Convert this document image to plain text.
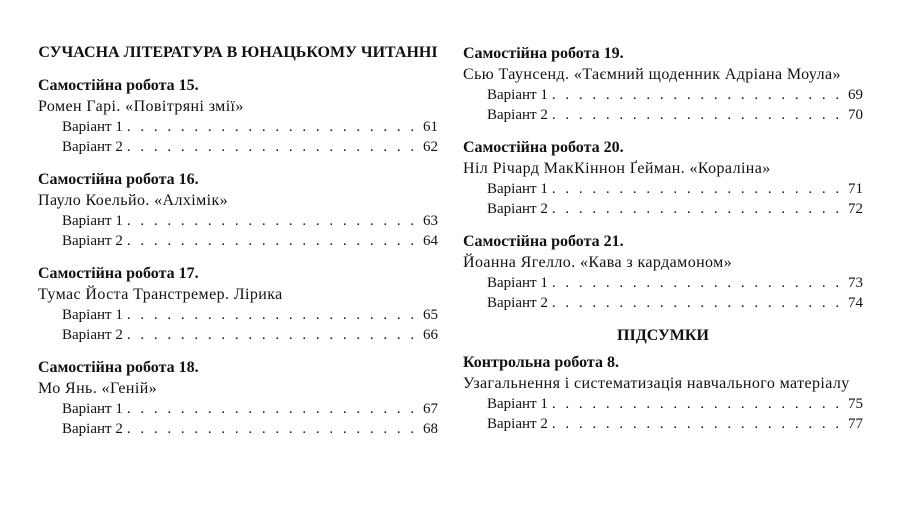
СУЧАСНА ЛІТЕРАТУРА В ЮНАЦЬКОМУ ЧИТАННІ
Самостійна робота 15.
Ромен Гарі. «Повітряні змії»
Варіант 1 . . .	61
Варіант 2 . . .	62
Самостійна робота 16.
Пауло Коельйо. «Алхімік»
Варіант 1 . . .	63
Варіант 2 . . .	64
Самостійна робота 17.
Тумас Йоста Транстремер. Лірика
Варіант 1 . . .	65
Варіант 2 . . .	66
Самостійна робота 18.
Мо Янь. «Геній»
Варіант 1 . . .	67
Варіант 2 . . .	68
Самостійна робота 19.
Сью Таунсенд. «Таємний щоденник Адріана Моула»
Варіант 1 . . .	69
Варіант 2 . . .	70
Самостійна робота 20.
Ніл Річард МакКіннон Ґейман. «Кораліна»
Варіант 1 . . .	71
Варіант 2 . . .	72
Самостійна робота 21.
Йоанна Ягелло. «Кава з кардамоном»
Варіант 1 . . .	73
Варіант 2 . . .	74
ПІДСУМКИ
Контрольна робота 8.
Узагальнення і систематизація навчального матеріалу
Варіант 1 . . .	75
Варіант 2 . . .	77
